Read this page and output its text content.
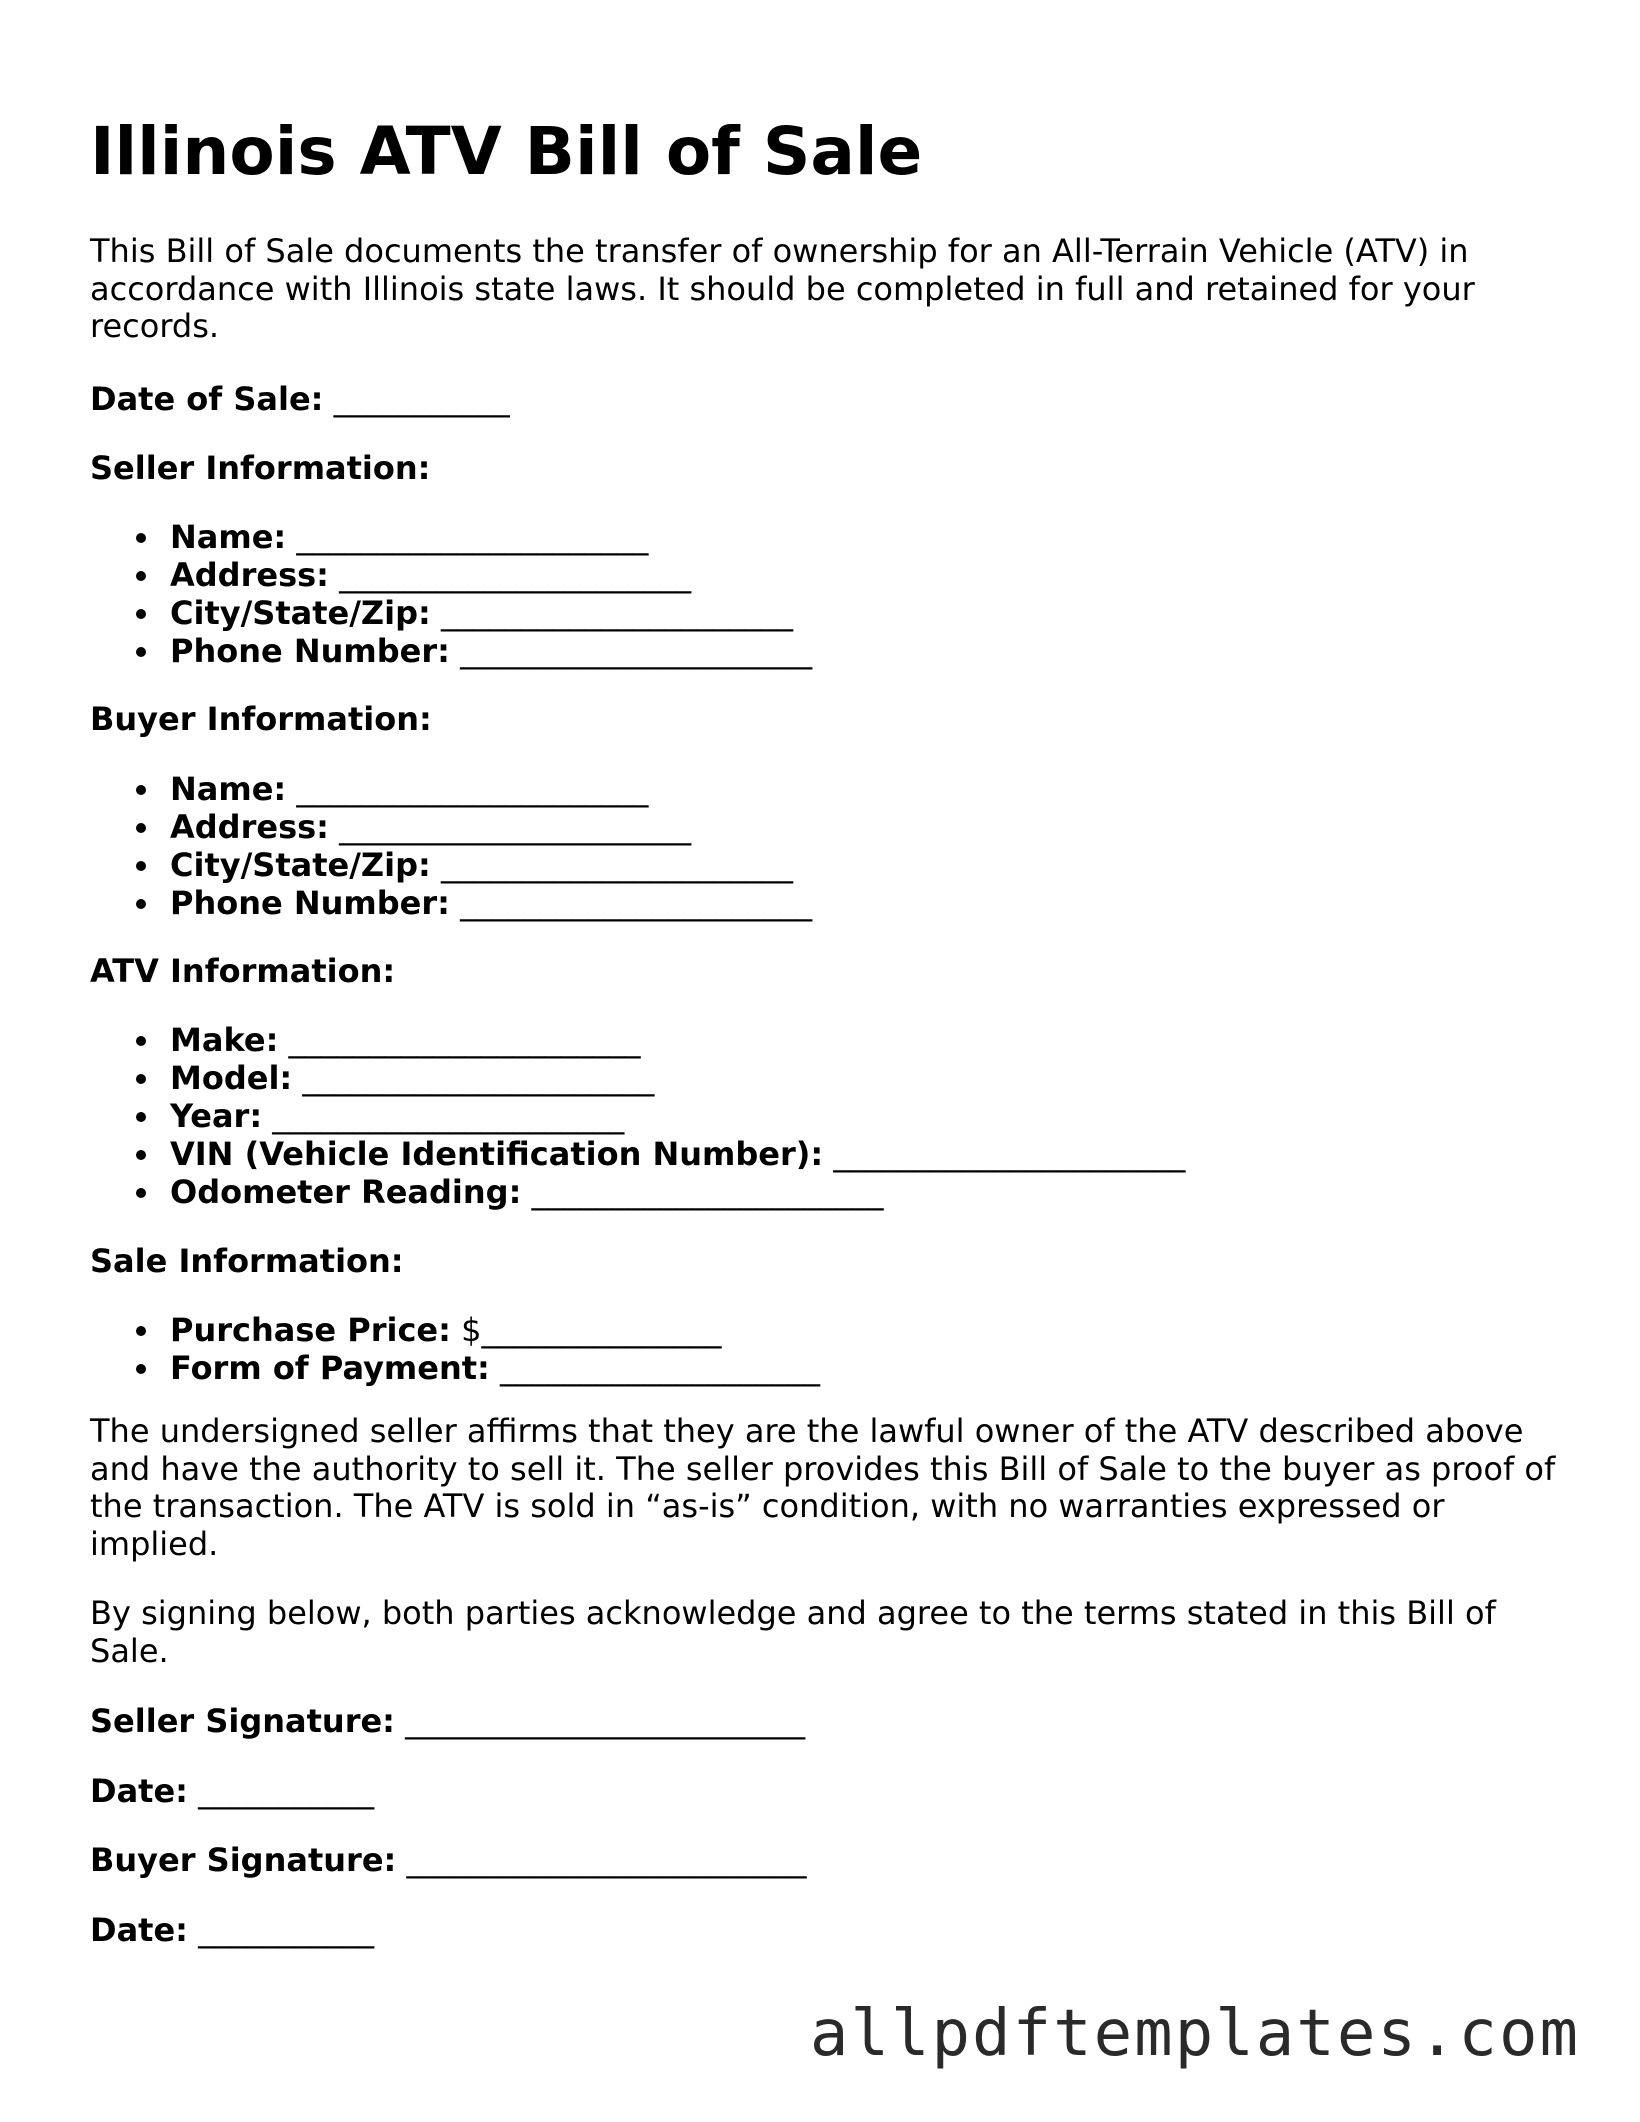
Illinois ATV Bill of Sale

This Bill of Sale documents the transfer of ownership for an All-Terrain Vehicle (ATV) in accordance with Illinois state laws. It should be completed in full and retained for your records.

Date of Sale: ___________

Seller Information:

Name: ______________________
Address: ______________________
City/State/Zip: ______________________
Phone Number: ______________________

Buyer Information:

Name: ______________________
Address: ______________________
City/State/Zip: ______________________
Phone Number: ______________________

ATV Information:

Make: ______________________
Model: ______________________
Year: ______________________
VIN (Vehicle Identification Number): ______________________
Odometer Reading: ______________________

Sale Information:

Purchase Price: $_______________
Form of Payment: ____________________

The undersigned seller affirms that they are the lawful owner of the ATV described above and have the authority to sell it. The seller provides this Bill of Sale to the buyer as proof of the transaction. The ATV is sold in “as-is” condition, with no warranties expressed or implied.

By signing below, both parties acknowledge and agree to the terms stated in this Bill of Sale.

Seller Signature: _________________________

Date: ___________

Buyer Signature: _________________________

Date: ___________

allpdftemplates.com
